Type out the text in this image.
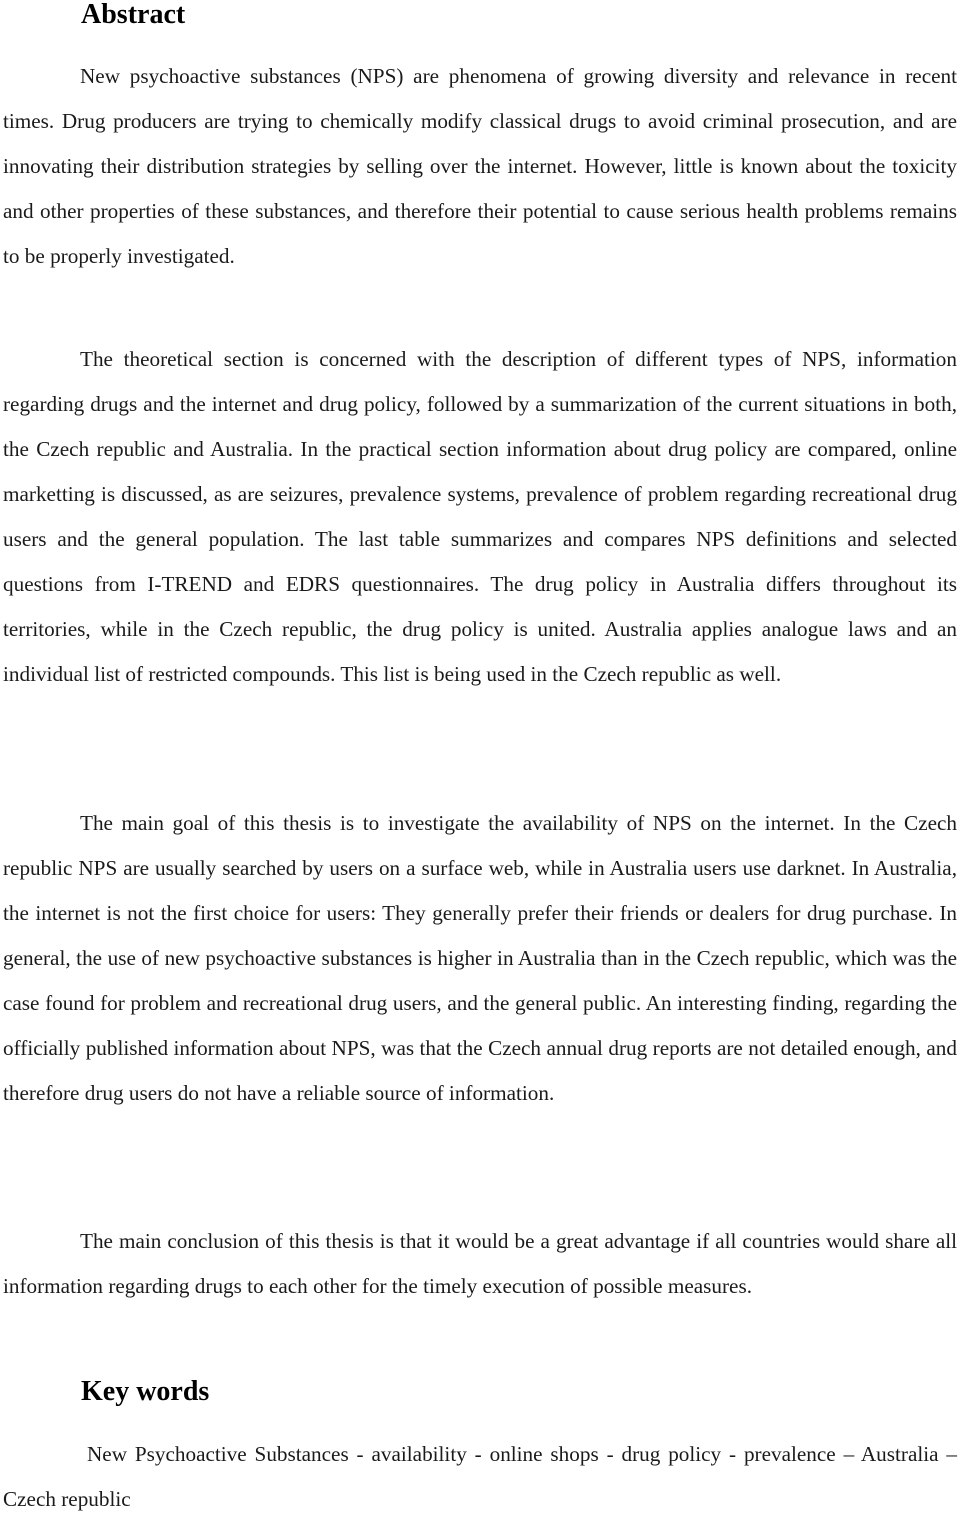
Abstract

New psychoactive substances (NPS) are phenomena of growing diversity and relevance in recent times. Drug producers are trying to chemically modify classical drugs to avoid criminal prosecution, and are innovating their distribution strategies by selling over the internet. However, little is known about the toxicity and other properties of these substances, and therefore their potential to cause serious health problems remains to be properly investigated.

The theoretical section is concerned with the description of different types of NPS, information regarding drugs and the internet and drug policy, followed by a summarization of the current situations in both, the Czech republic and Australia. In the practical section information about drug policy are compared, online marketting is discussed, as are seizures, prevalence systems, prevalence of problem regarding recreational drug users and the general population. The last table summarizes and compares NPS definitions and selected questions from I-TREND and EDRS questionnaires. The drug policy in Australia differs throughout its territories, while in the Czech republic, the drug policy is united. Australia applies analogue laws and an individual list of restricted compounds. This list is being used in the Czech republic as well.

The main goal of this thesis is to investigate the availability of NPS on the internet. In the Czech republic NPS are usually searched by users on a surface web, while in Australia users use darknet. In Australia, the internet is not the first choice for users: They generally prefer their friends or dealers for drug purchase. In general, the use of new psychoactive substances is higher in Australia than in the Czech republic, which was the case found for problem and recreational drug users, and the general public. An interesting finding, regarding the officially published information about NPS, was that the Czech annual drug reports are not detailed enough, and therefore drug users do not have a reliable source of information.

The main conclusion of this thesis is that it would be a great advantage if all countries would share all information regarding drugs to each other for the timely execution of possible measures.

Key words

New Psychoactive Substances - availability - online shops - drug policy - prevalence – Australia – Czech republic
